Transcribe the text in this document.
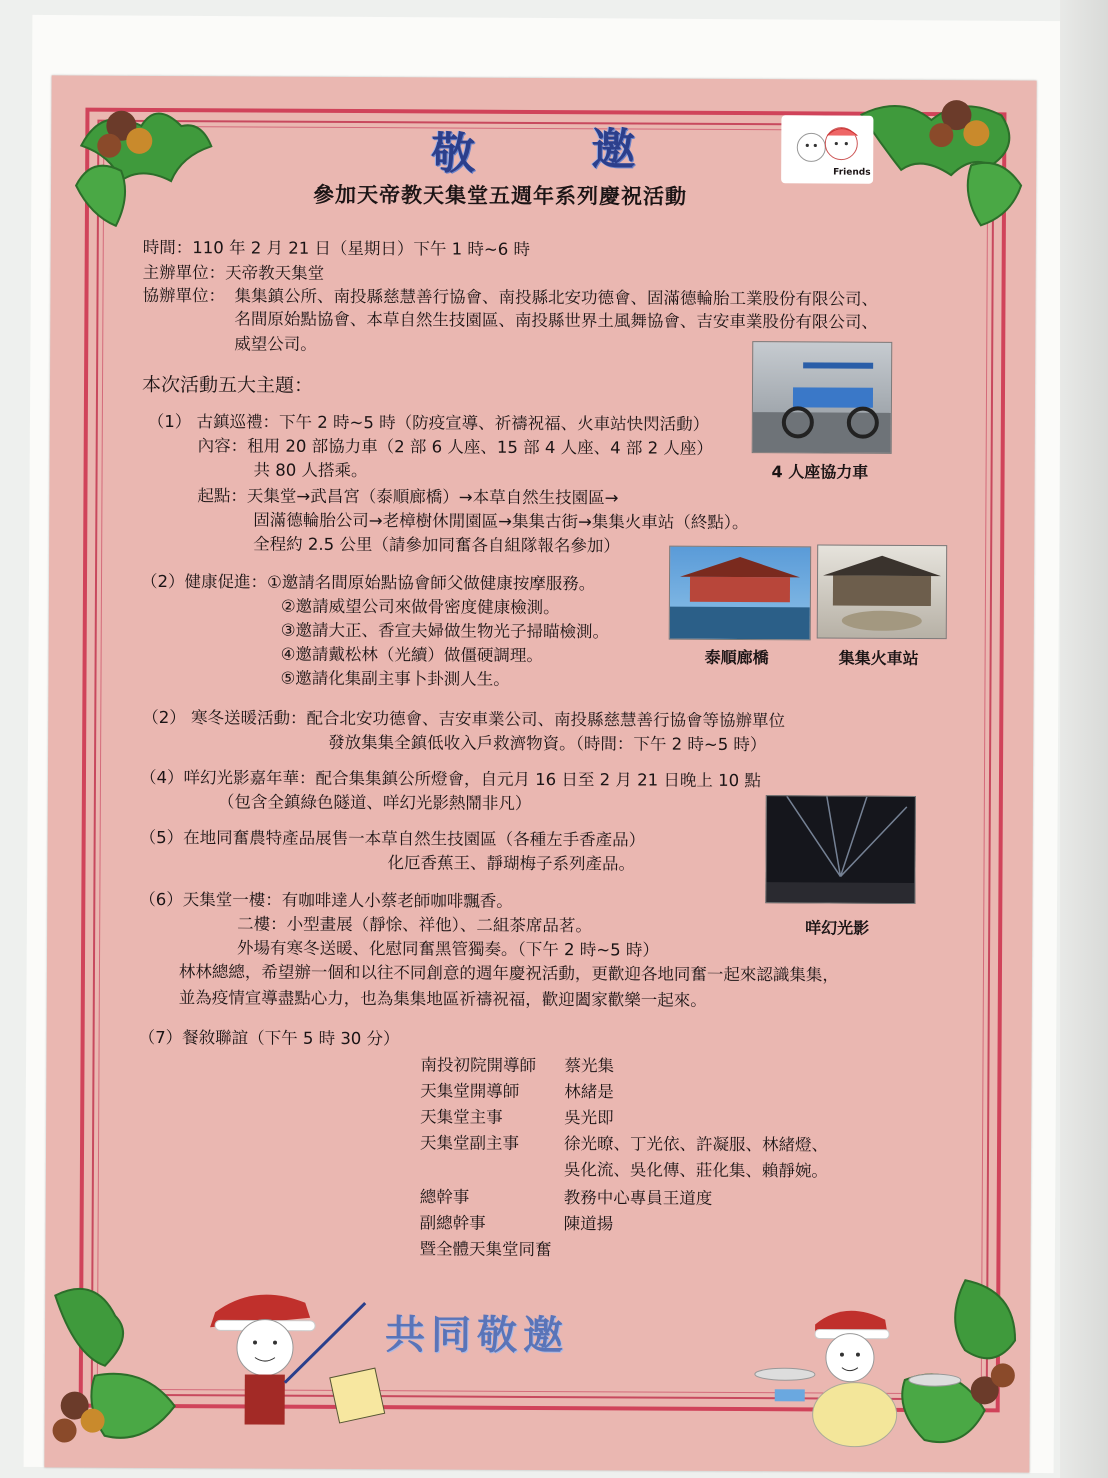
敬	邀
參加天帝教天集堂五週年系列慶祝活動
Friends
時間：110 年 2 月 21 日（星期日）下午 1 時~6 時
主辦單位：天帝教天集堂
協辦單位： 集集鎮公所、南投縣慈慧善行協會、南投縣北安功德會、固滿德輪胎工業股份有限公司、
名間原始點協會、本草自然生技園區、南投縣世界土風舞協會、吉安車業股份有限公司、
威望公司。
本次活動五大主題：
（1） 古鎮巡禮：下午 2 時~5 時（防疫宣導、祈禱祝福、火車站快閃活動）
內容：租用 20 部協力車（2 部 6 人座、15 部 4 人座、4 部 2 人座）
共 80 人搭乘。
起點：天集堂→武昌宮（泰順廊橋）→本草自然生技園區→
固滿德輪胎公司→老樟樹休閒園區→集集古街→集集火車站（終點）。
全程約 2.5 公里（請參加同奮各自組隊報名參加）
4 人座協力車
（2）健康促進：①邀請名間原始點協會師父做健康按摩服務。
②邀請威望公司來做骨密度健康檢測。
③邀請大正、香宣夫婦做生物光子掃瞄檢測。
④邀請戴松林（光續）做僵硬調理。
⑤邀請化集副主事卜卦測人生。
泰順廊橋	集集火車站
（2） 寒冬送暖活動：配合北安功德會、吉安車業公司、南投縣慈慧善行協會等協辦單位
發放集集全鎮低收入戶救濟物資。（時間：下午 2 時~5 時）
（4）咩幻光影嘉年華：配合集集鎮公所燈會，自元月 16 日至 2 月 21 日晚上 10 點
（包含全鎮綠色隧道、咩幻光影熱鬧非凡）
（5）在地同奮農特產品展售一本草自然生技園區（各種左手香產品）
化厄香蕉王、靜瑚梅子系列產品。
（6）天集堂一樓：有咖啡達人小蔡老師咖啡飄香。
二樓：小型畫展（靜悇、祥他）、二組茶席品茗。
外場有寒冬送暖、化慰同奮黑管獨奏。（下午 2 時~5 時）
林林總總，希望辦一個和以往不同創意的週年慶祝活動，更歡迎各地同奮一起來認識集集，
並為疫情宣導盡點心力，也為集集地區祈禱祝福，歡迎闔家歡樂一起來。
咩幻光影
（7）餐敘聯誼（下午 5 時 30 分）
南投初院開導師 蔡光集
天集堂開導師	林緒是
天集堂主事	吳光即
天集堂副主事	徐光暸、丁光依、許凝服、林緒燈、
吳化流、吳化傳、莊化集、賴靜婉。
總幹事	教務中心專員王道度
副總幹事	陳道揚
暨全體天集堂同奮
共同敬邀
